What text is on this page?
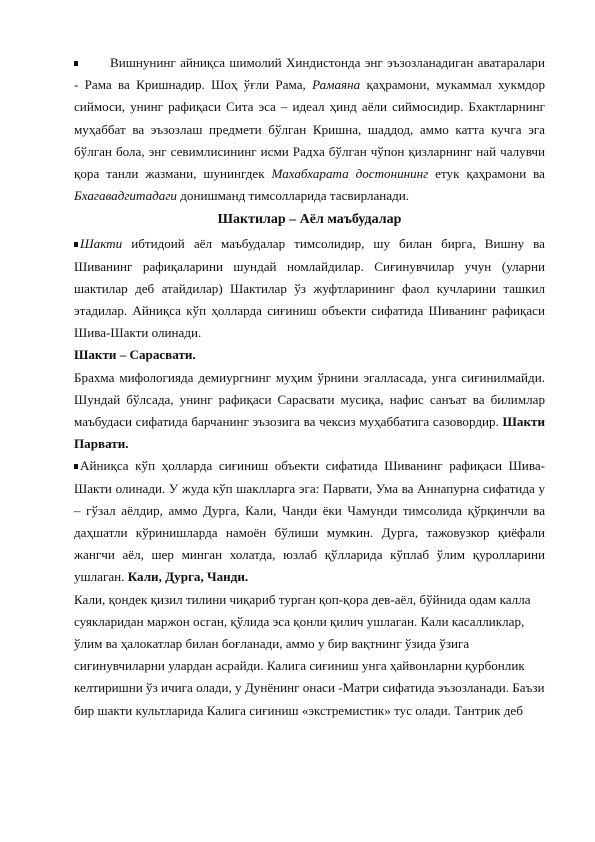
Вишнунинг айниқса шимолий Хиндистонда энг эъзозланадиган аватаралари - Рама ва Кришнадир. Шоҳ ўғли Рама, Рамаяна қаҳрамони, мукаммал хукмдор сиймоси, унинг рафиқаси Сита эса – идеал ҳинд аёли сиймосидир. Бхактларнинг муҳаббат ва эъзозлаш предмети бўлган Кришна, шаддод, аммо катта кучга эга бўлган бола, энг севимлисининг исми Радха бўлган чўпон қизларнинг най чалувчи қора танли жазмани, шунингдек Махабхарата достонининг етук қаҳрамони ва Бхагавадгитадаги донишманд тимсолларида тасвирланади.

Шактилар – Аёл маъбудалар

Шакти ибтидоий аёл маъбудалар тимсолидир, шу билан бирга, Вишну ва Шиванинг рафиқаларини шундай номлайдилар. Сиғинувчилар учун (уларни шактилар деб атайдилар) Шактилар ўз жуфтларининг фаол кучларини ташкил этадилар. Айниқса кўп ҳолларда сиғиниш объекти сифатида Шиванинг рафиқаси Шива-Шакти олинади.

Шакти – Сарасвати.

Брахма мифологияда демиургнинг муҳим ўрнини эгалласада, унга сиғинилмайди. Шундай бўлсада, унинг рафиқаси Сарасвати мусиқа, нафис санъат ва билимлар маъбудаси сифатида барчанинг эъзозига ва чексиз муҳаббатига сазовордир. Шакти Парвати.

Айниқса кўп ҳолларда сиғиниш объекти сифатида Шиванинг рафиқаси Шива-Шакти олинади. У жуда кўп шаклларга эга: Парвати, Ума ва Аннапурна сифатида у – гўзал аёлдир, аммо Дурга, Кали, Чанди ёки Чамунди тимсолида қўрқинчли ва даҳшатли кўринишларда намоён бўлиши мумкин. Дурга, тажовузкор қиёфали жангчи аёл, шер минган холатда, юзлаб қўлларида кўплаб ўлим қуролларини ушлаган. Кали, Дурга, Чанди.

Кали, қондек қизил тилини чиқариб турган қоп-қора дев-аёл, бўйнида одам калла суякларидан маржон осган, қўлида эса қонли қилич ушлаган. Кали касалликлар, ўлим ва ҳалокатлар билан боғланади, аммо у бир вақтнинг ўзида ўзига сиғинувчиларни улардан асрайди. Калига сиғиниш унга ҳайвонларни қурбонлик келтиришни ўз ичига олади, у Дунёнинг онаси -Матри сифатида эъзозланади. Баъзи бир шакти культларида Калига сиғиниш «экстремистик» тус олади. Тантрик деб
